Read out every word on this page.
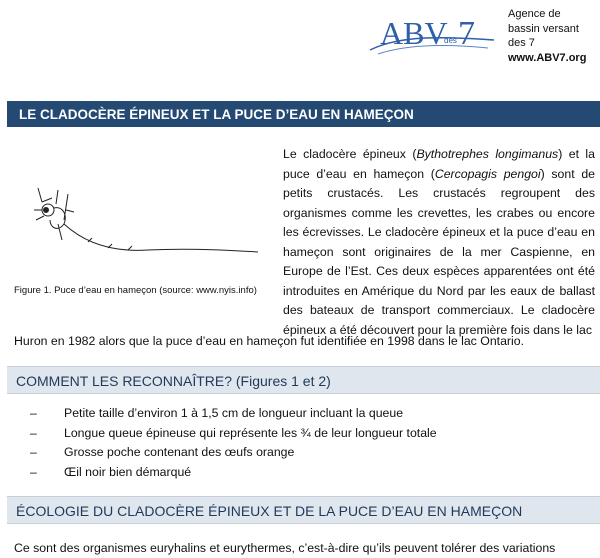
ABV
des 7
Agence de
bassin versant
des 7
www.ABV7.org
LE CLADOCÈRE ÉPINEUX ET LA PUCE D’EAU EN HAMEÇON
Figure 1. Puce d’eau en hameçon (source: www.nyis.info)
Le cladocère épineux (Bythotrephes longimanus) et la puce d’eau en hameçon (Cercopagis pengoi) sont de petits crustacés. Les crustacés regroupent des organismes comme les crevettes, les crabes ou encore les écrevisses. Le cladocère épineux et la puce d’eau en hameçon sont originaires de la mer Caspienne, en Europe de l’Est. Ces deux espèces apparentées ont été introduites en Amérique du Nord par les eaux de ballast des bateaux de transport commerciaux. Le cladocère épineux a été découvert pour la première fois dans le lac
Huron en 1982 alors que la puce d’eau en hameçon fut identifiée en 1998 dans le lac Ontario.
COMMENT LES RECONNAÎTRE? (Figures 1 et 2)
– Petite taille d’environ 1 à 1,5 cm de longueur incluant la queue
– Longue queue épineuse qui représente les ¾ de leur longueur totale
– Grosse poche contenant des œufs orange
– Œil noir bien démarqué
ÉCOLOGIE DU CLADOCÈRE ÉPINEUX ET DE LA PUCE D’EAU EN HAMEÇON
Ce sont des organismes euryhalins et eurythermes, c’est-à-dire qu’ils peuvent tolérer des variations
